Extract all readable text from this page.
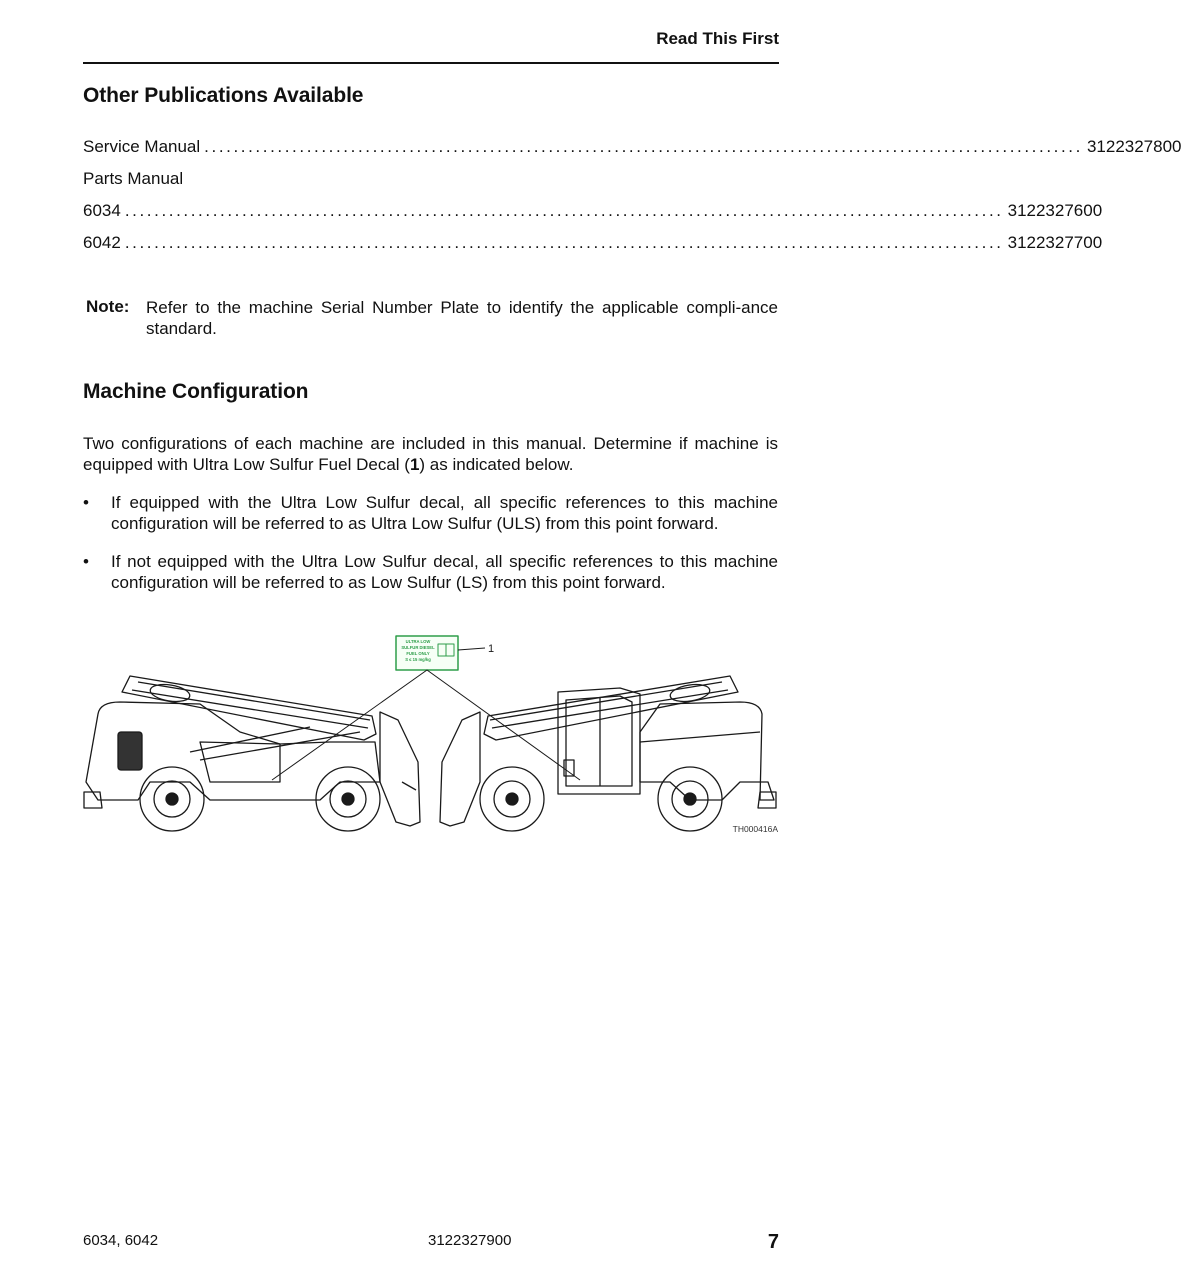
Read This First
Other Publications Available
Service Manual ........................................................................................................................ 3122327800
Parts Manual
6034 ........................................................................................................................ 3122327600
6042 ........................................................................................................................ 3122327700
Note: Refer to the machine Serial Number Plate to identify the applicable compli-ance standard.
Machine Configuration
Two configurations of each machine are included in this manual. Determine if machine is equipped with Ultra Low Sulfur Fuel Decal (1) as indicated below.
•	If equipped with the Ultra Low Sulfur decal, all specific references to this machine configuration will be referred to as Ultra Low Sulfur (ULS) from this point forward.
•	If not equipped with the Ultra Low Sulfur decal, all specific references to this machine configuration will be referred to as Low Sulfur (LS) from this point forward.
ULTRA LOW
SULFUR DIESEL
FUEL ONLY
S ≤ 15 mg/kg
1
TH000416A
6034, 6042	3122327900	7
